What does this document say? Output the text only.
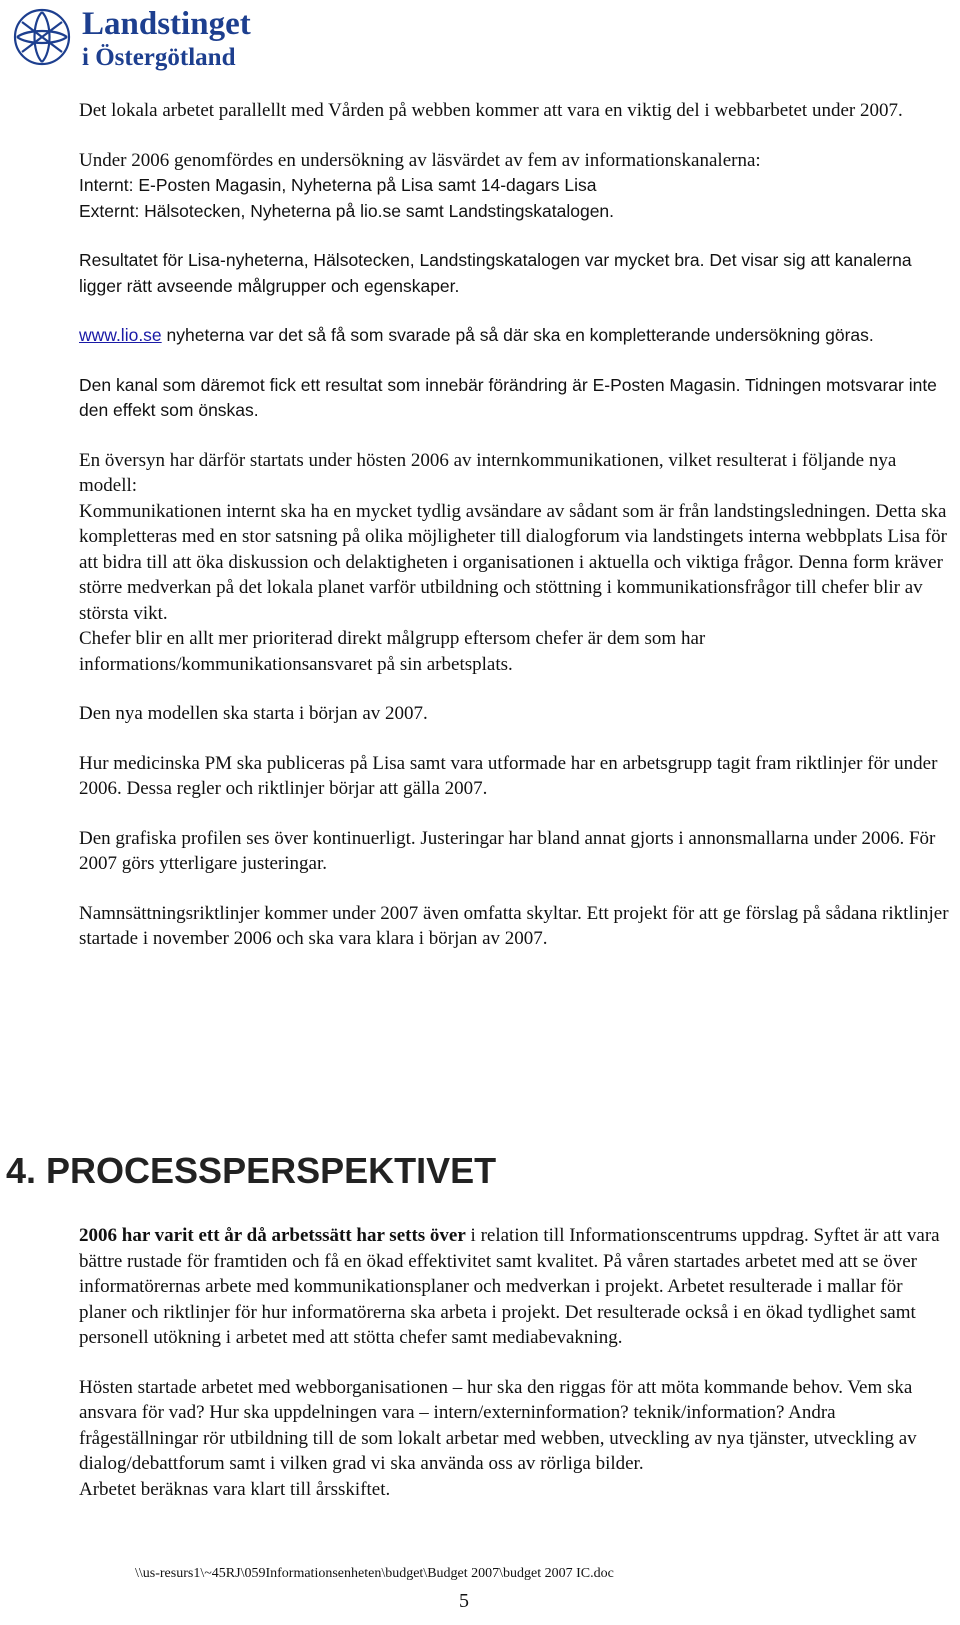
Landstinget
i Östergötland

Det lokala arbetet parallellt med Vården på webben kommer att vara en viktig del i webbarbetet under 2007.

Under 2006 genomfördes en undersökning av läsvärdet av fem av informationskanalerna:
Internt: E-Posten Magasin, Nyheterna på Lisa samt 14-dagars Lisa
Externt: Hälsotecken, Nyheterna på lio.se samt Landstingskatalogen.

Resultatet för Lisa-nyheterna, Hälsotecken, Landstingskatalogen var mycket bra. Det visar sig att kanalerna ligger rätt avseende målgrupper och egenskaper.

www.lio.se nyheterna var det så få som svarade på så där ska en kompletterande undersökning göras.

Den kanal som däremot fick ett resultat som innebär förändring är E-Posten Magasin. Tidningen motsvarar inte den effekt som önskas.

En översyn har därför startats under hösten 2006 av internkommunikationen, vilket resulterat i följande nya modell:
Kommunikationen internt ska ha en mycket tydlig avsändare av sådant som är från landstingsledningen. Detta ska kompletteras med en stor satsning på olika möjligheter till dialogforum via landstingets interna webbplats Lisa för att bidra till att öka diskussion och delaktigheten i organisationen i aktuella och viktiga frågor. Denna form kräver större medverkan på det lokala planet varför utbildning och stöttning i kommunikationsfrågor till chefer blir av största vikt.
Chefer blir en allt mer prioriterad direkt målgrupp eftersom chefer är dem som har informations/kommunikationsansvaret på sin arbetsplats.

Den nya modellen ska starta i början av 2007.

Hur medicinska PM ska publiceras på Lisa samt vara utformade har en arbetsgrupp tagit fram riktlinjer för under 2006. Dessa regler och riktlinjer börjar att gälla 2007.

Den grafiska profilen ses över kontinuerligt. Justeringar har bland annat gjorts i annonsmallarna under 2006. För 2007 görs ytterligare justeringar.

Namnsättningsriktlinjer kommer under 2007 även omfatta skyltar. Ett projekt för att ge förslag på sådana riktlinjer startade i november 2006 och ska vara klara i början av 2007.

4. PROCESSPERSPEKTIVET

2006 har varit ett år då arbetssätt har setts över i relation till Informationscentrums uppdrag. Syftet är att vara bättre rustade för framtiden och få en ökad effektivitet samt kvalitet. På våren startades arbetet med att se över informatörernas arbete med kommunikationsplaner och medverkan i projekt. Arbetet resulterade i mallar för planer och riktlinjer för hur informatörerna ska arbeta i projekt. Det resulterade också i en ökad tydlighet samt personell utökning i arbetet med att stötta chefer samt mediabevakning.

Hösten startade arbetet med webborganisationen – hur ska den riggas för att möta kommande behov. Vem ska ansvara för vad? Hur ska uppdelningen vara – intern/externinformation? teknik/information? Andra frågeställningar rör utbildning till de som lokalt arbetar med webben, utveckling av nya tjänster, utveckling av dialog/debattforum samt i vilken grad vi ska använda oss av rörliga bilder.

Arbetet beräknas vara klart till årsskiftet.

\\us-resurs1\~45RJ\059Informationsenheten\budget\Budget 2007\budget 2007 IC.doc
5
